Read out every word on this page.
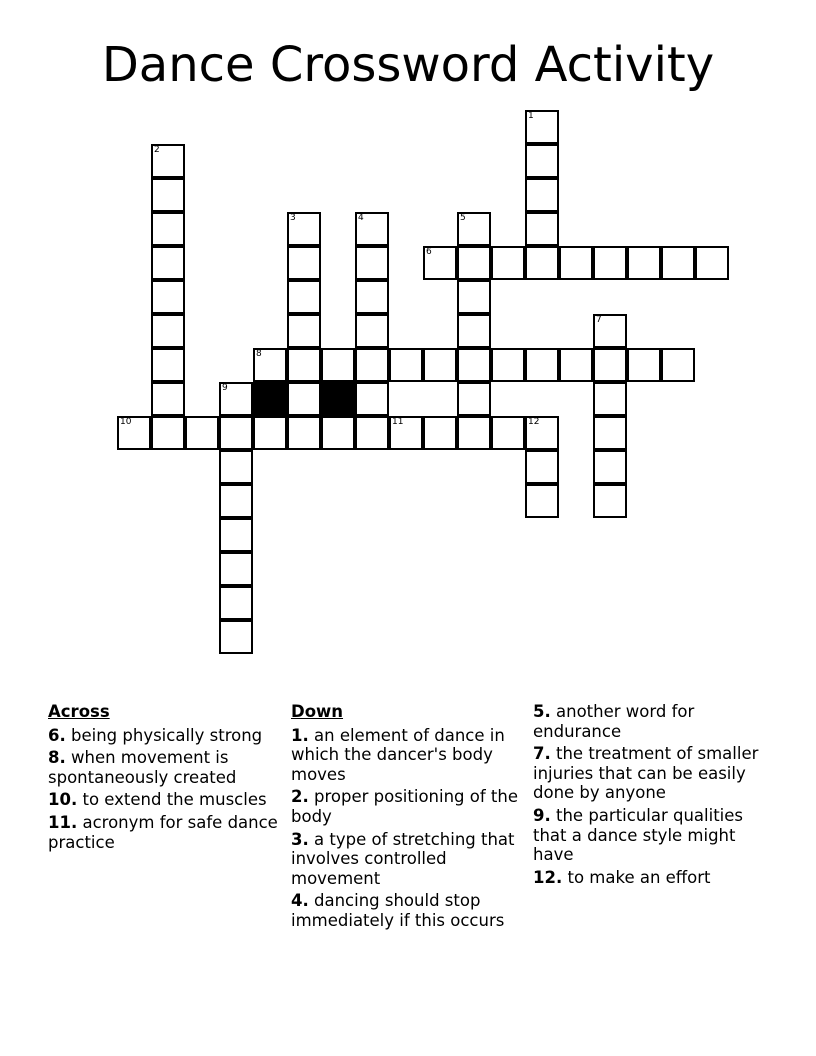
Dance Crossword Activity
1
2
3	4	5
6
7
8
9
10	11	12
Across
6. being physically strong
8. when movement is spontaneously created
10. to extend the muscles
11. acronym for safe dance practice
Down
1. an element of dance in which the dancer's body moves
2. proper positioning of the body
3. a type of stretching that involves controlled movement
4. dancing should stop immediately if this occurs
5. another word for endurance
7. the treatment of smaller injuries that can be easily done by anyone
9. the particular qualities that a dance style might have
12. to make an effort
